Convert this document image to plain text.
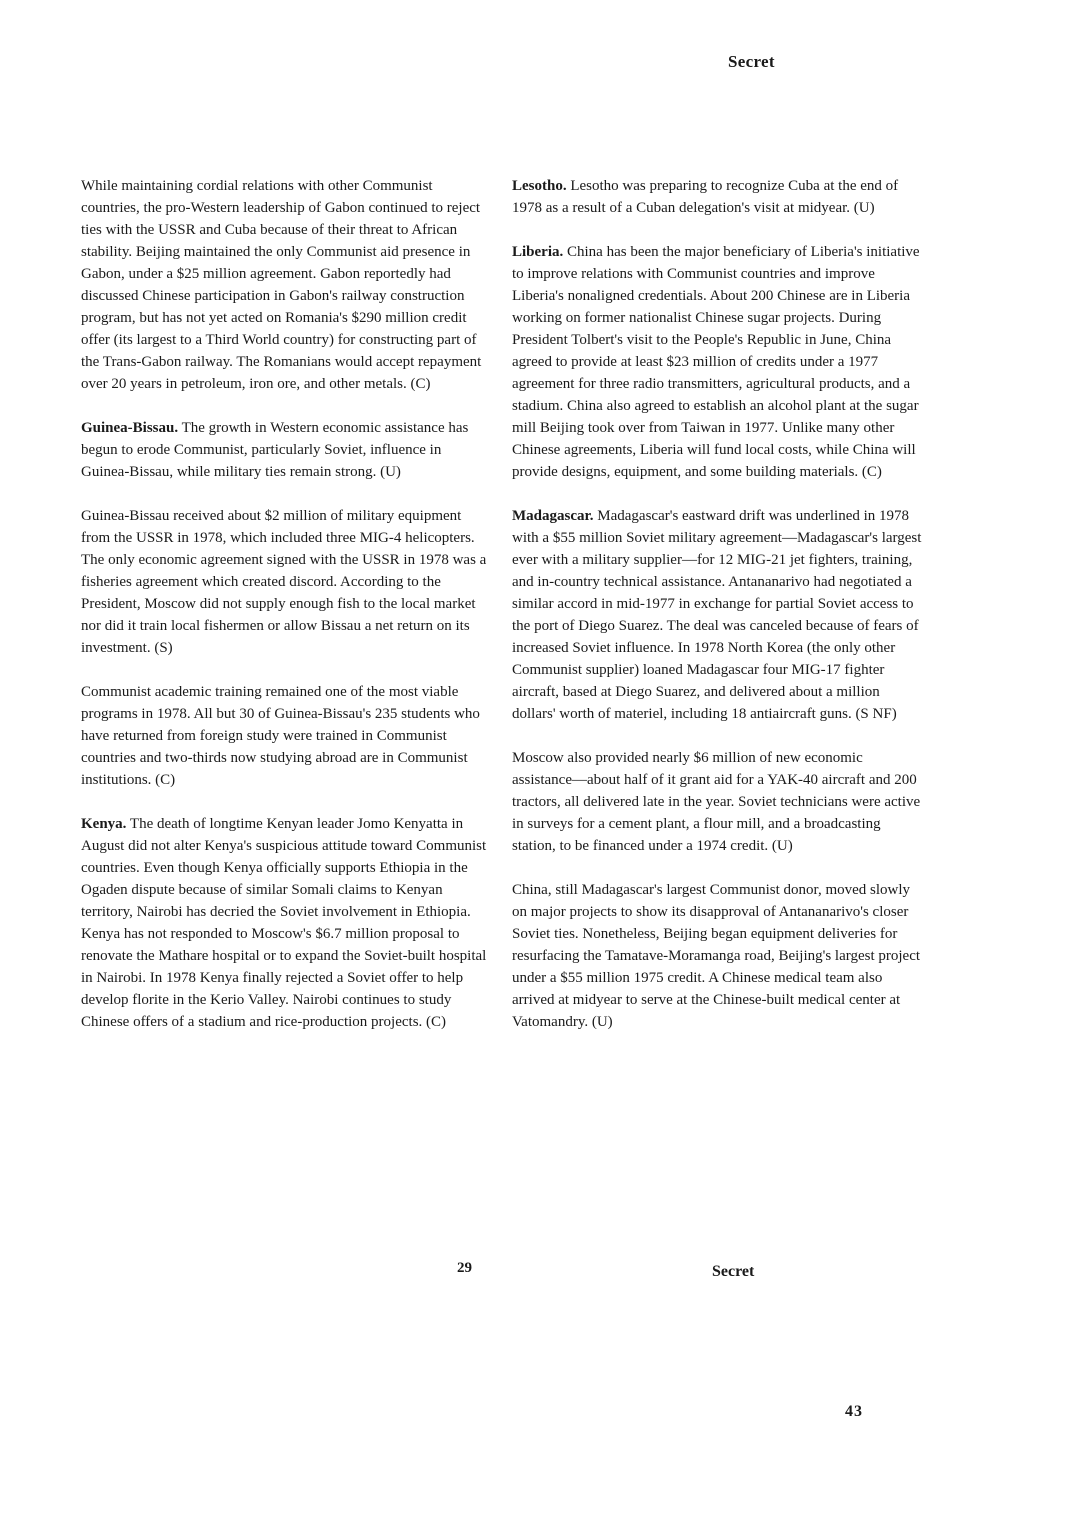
Secret

While maintaining cordial relations with other Communist countries, the pro-Western leadership of Gabon continued to reject ties with the USSR and Cuba because of their threat to African stability. Beijing maintained the only Communist aid presence in Gabon, under a $25 million agreement. Gabon reportedly had discussed Chinese participation in Gabon's railway construction program, but has not yet acted on Romania's $290 million credit offer (its largest to a Third World country) for constructing part of the Trans-Gabon railway. The Romanians would accept repayment over 20 years in petroleum, iron ore, and other metals. (C)

Guinea-Bissau. The growth in Western economic assistance has begun to erode Communist, particularly Soviet, influence in Guinea-Bissau, while military ties remain strong. (U)

Guinea-Bissau received about $2 million of military equipment from the USSR in 1978, which included three MIG-4 helicopters. The only economic agreement signed with the USSR in 1978 was a fisheries agreement which created discord. According to the President, Moscow did not supply enough fish to the local market nor did it train local fishermen or allow Bissau a net return on its investment. (S)

Communist academic training remained one of the most viable programs in 1978. All but 30 of Guinea-Bissau's 235 students who have returned from foreign study were trained in Communist countries and two-thirds now studying abroad are in Communist institutions. (C)

Kenya. The death of longtime Kenyan leader Jomo Kenyatta in August did not alter Kenya's suspicious attitude toward Communist countries. Even though Kenya officially supports Ethiopia in the Ogaden dispute because of similar Somali claims to Kenyan territory, Nairobi has decried the Soviet involvement in Ethiopia. Kenya has not responded to Moscow's $6.7 million proposal to renovate the Mathare hospital or to expand the Soviet-built hospital in Nairobi. In 1978 Kenya finally rejected a Soviet offer to help develop florite in the Kerio Valley. Nairobi continues to study Chinese offers of a stadium and rice-production projects. (C)

Lesotho. Lesotho was preparing to recognize Cuba at the end of 1978 as a result of a Cuban delegation's visit at midyear. (U)

Liberia. China has been the major beneficiary of Liberia's initiative to improve relations with Communist countries and improve Liberia's nonaligned credentials. About 200 Chinese are in Liberia working on former nationalist Chinese sugar projects. During President Tolbert's visit to the People's Republic in June, China agreed to provide at least $23 million of credits under a 1977 agreement for three radio transmitters, agricultural products, and a stadium. China also agreed to establish an alcohol plant at the sugar mill Beijing took over from Taiwan in 1977. Unlike many other Chinese agreements, Liberia will fund local costs, while China will provide designs, equipment, and some building materials. (C)

Madagascar. Madagascar's eastward drift was underlined in 1978 with a $55 million Soviet military agreement—Madagascar's largest ever with a military supplier—for 12 MIG-21 jet fighters, training, and in-country technical assistance. Antananarivo had negotiated a similar accord in mid-1977 in exchange for partial Soviet access to the port of Diego Suarez. The deal was canceled because of fears of increased Soviet influence. In 1978 North Korea (the only other Communist supplier) loaned Madagascar four MIG-17 fighter aircraft, based at Diego Suarez, and delivered about a million dollars' worth of materiel, including 18 antiaircraft guns. (S NF)

Moscow also provided nearly $6 million of new economic assistance—about half of it grant aid for a YAK-40 aircraft and 200 tractors, all delivered late in the year. Soviet technicians were active in surveys for a cement plant, a flour mill, and a broadcasting station, to be financed under a 1974 credit. (U)

China, still Madagascar's largest Communist donor, moved slowly on major projects to show its disapproval of Antananarivo's closer Soviet ties. Nonetheless, Beijing began equipment deliveries for resurfacing the Tamatave-Moramanga road, Beijing's largest project under a $55 million 1975 credit. A Chinese medical team also arrived at midyear to serve at the Chinese-built medical center at Vatomandry. (U)

29	Secret
43
